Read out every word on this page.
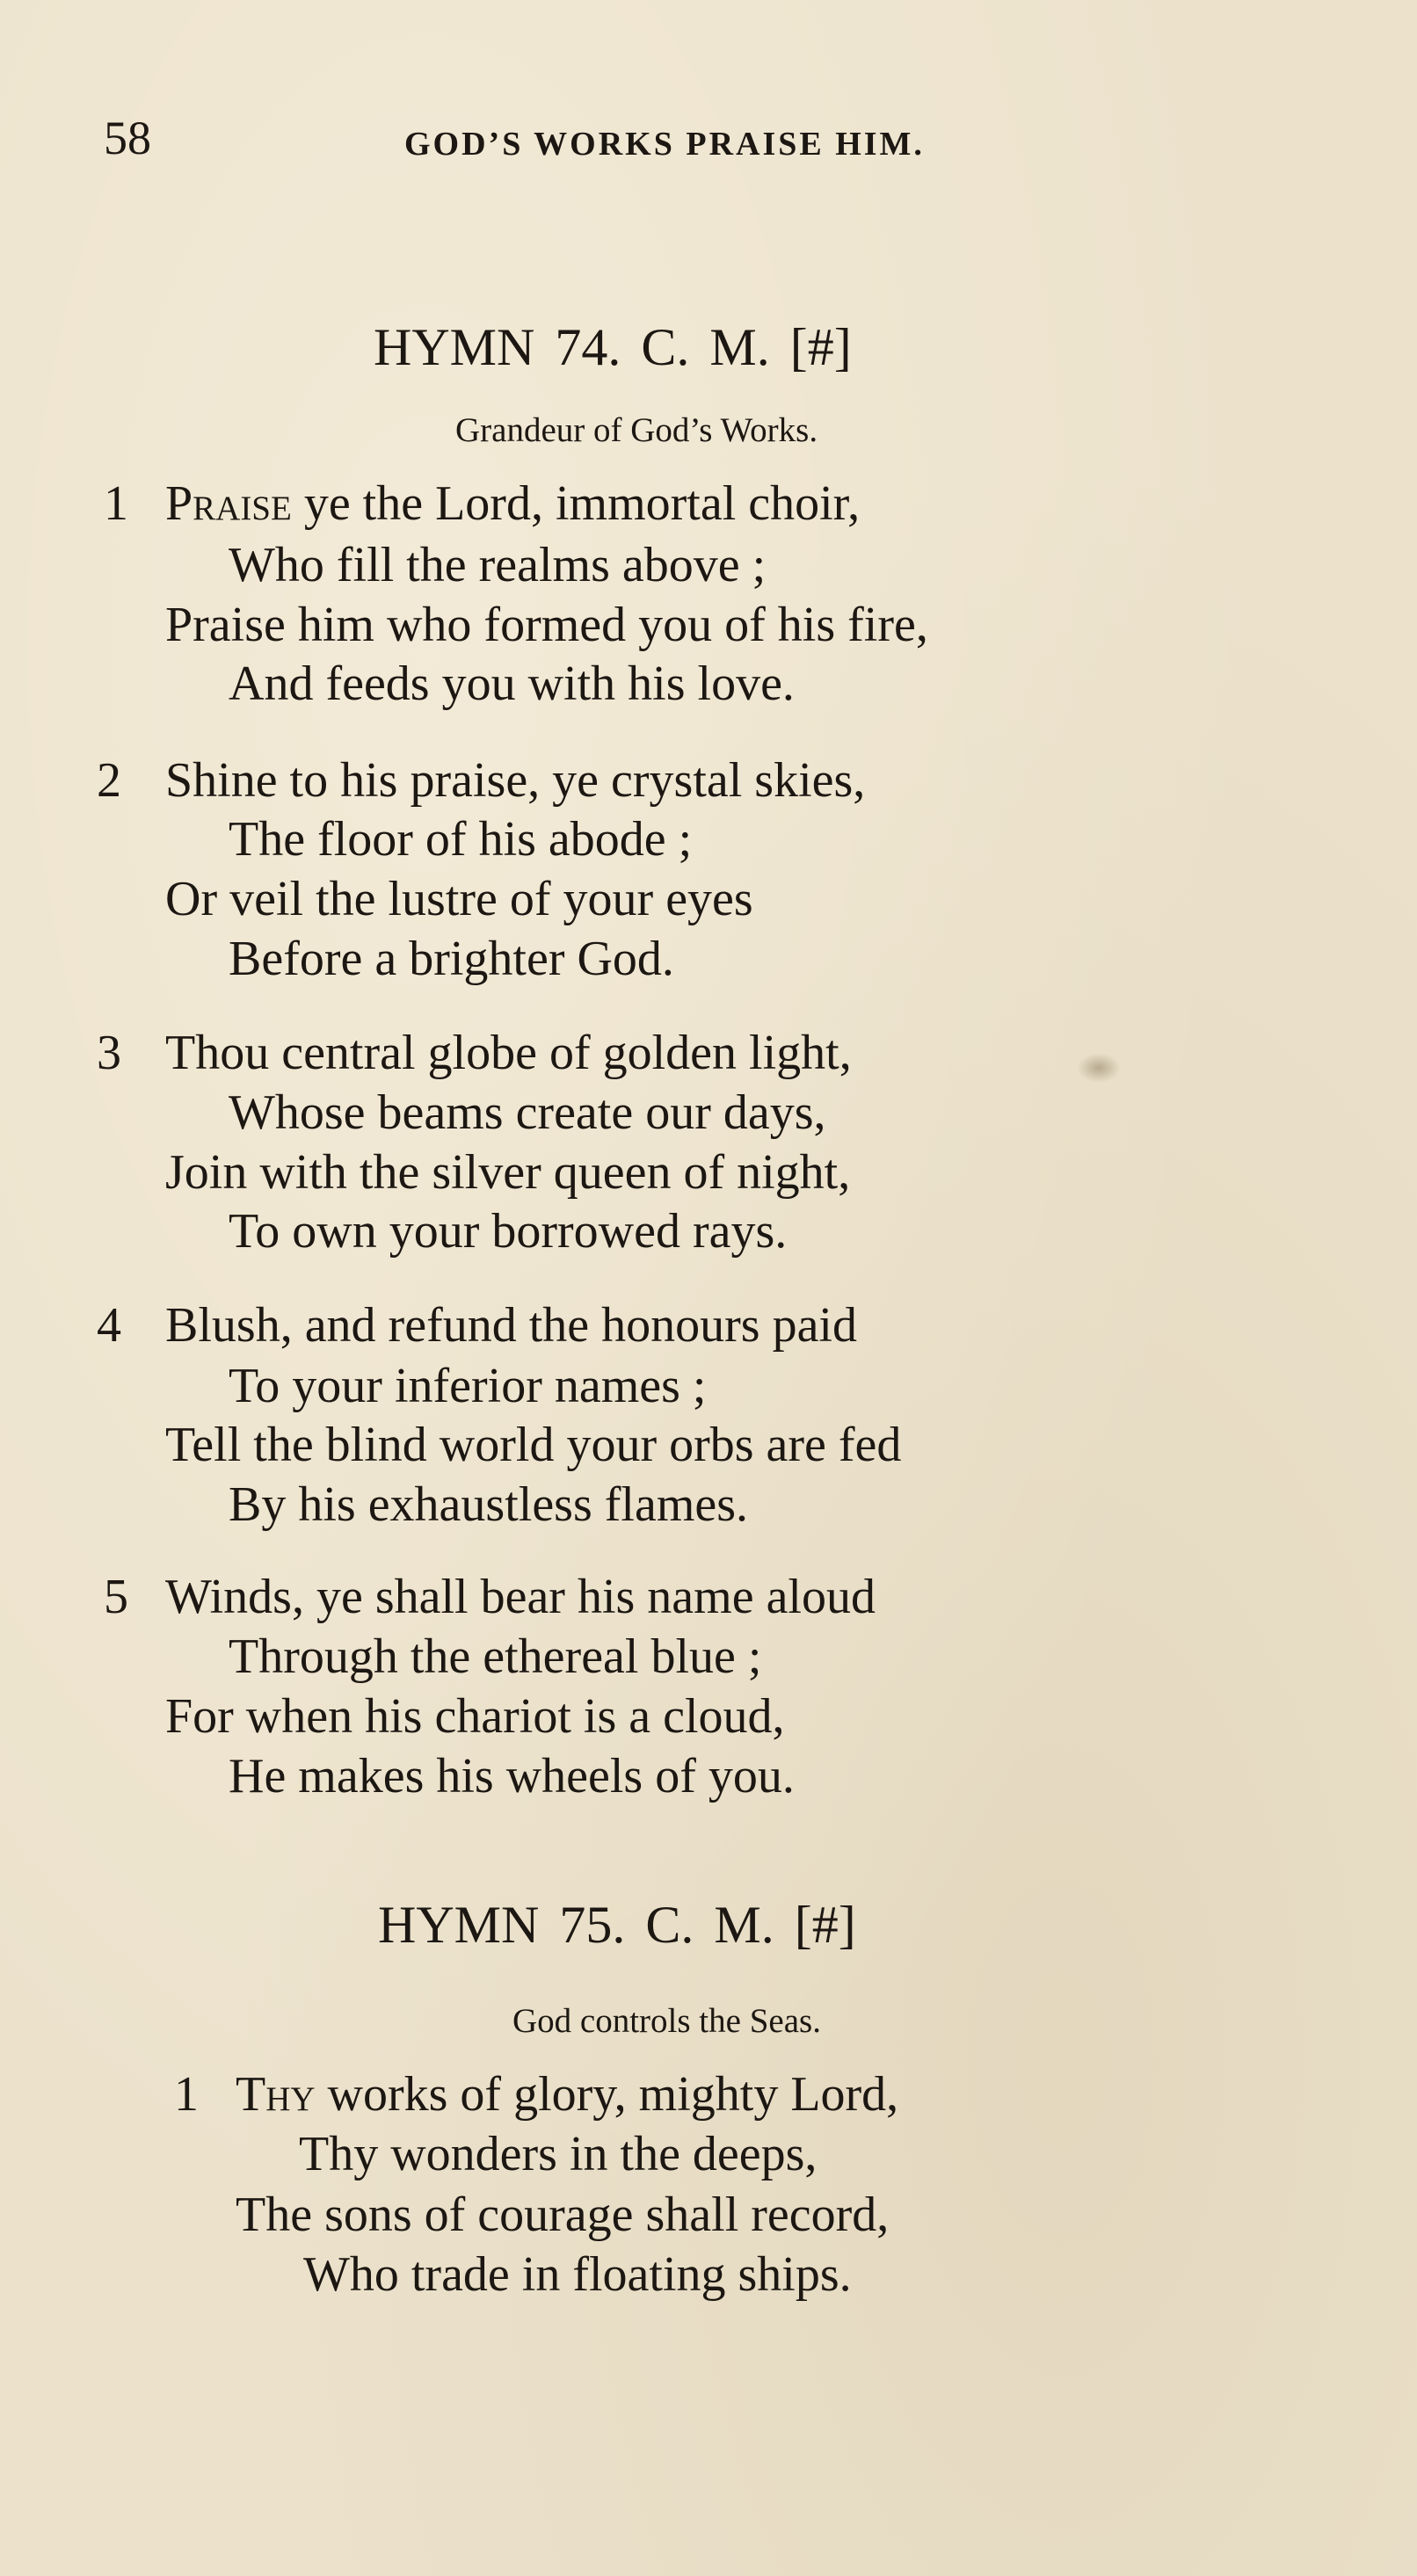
58	GOD’S WORKS PRAISE HIM.
HYMN 74. C. M. [#]
Grandeur of God’s Works.
1 Praise ye the Lord, immortal choir,
Who fill the realms above ;
Praise him who formed you of his fire,
And feeds you with his love.
2 Shine to his praise, ye crystal skies,
The floor of his abode ;
Or veil the lustre of your eyes
Before a brighter God.
3 Thou central globe of golden light,
Whose beams create our days,
Join with the silver queen of night,
To own your borrowed rays.
4 Blush, and refund the honours paid
To your inferior names ;
Tell the blind world your orbs are fed
By his exhaustless flames.
5 Winds, ye shall bear his name aloud
Through the ethereal blue ;
For when his chariot is a cloud,
He makes his wheels of you.
HYMN 75. C. M. [#]
God controls the Seas.
1 Thy works of glory, mighty Lord,
Thy wonders in the deeps,
The sons of courage shall record,
Who trade in floating ships.
